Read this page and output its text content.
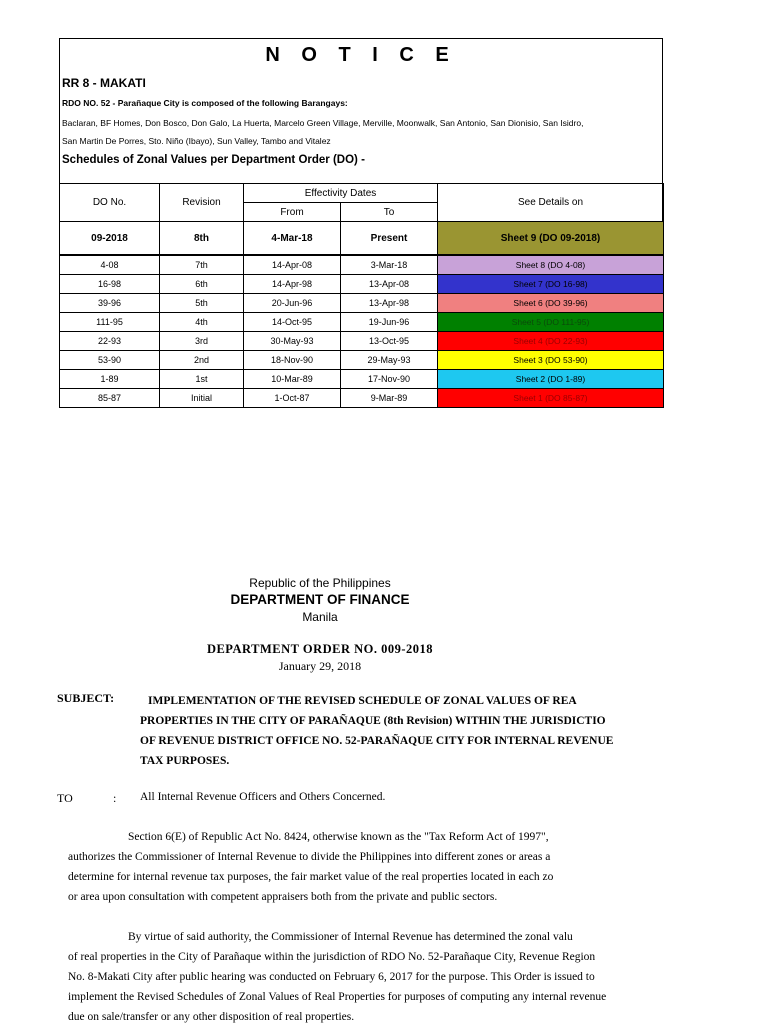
N O T I C E
RR 8 - MAKATI
RDO NO. 52 - Parañaque City is composed of the following Barangays:
Baclaran, BF Homes, Don Bosco, Don Galo, La Huerta, Marcelo Green Village, Merville, Moonwalk, San Antonio, San Dionisio, San Isidro,
San Martin De Porres, Sto. Niño (Ibayo), Sun Valley, Tambo and Vitalez
Schedules of Zonal Values per Department Order (DO) -
DO No.	Revision	Effectivity Dates		See Details on
		From	To	
09-2018	8th	4-Mar-18	Present	Sheet 9 (DO 09-2018)
4-08	7th	14-Apr-08	3-Mar-18	Sheet 8 (DO 4-08)
16-98	6th	14-Apr-98	13-Apr-08	Sheet 7 (DO 16-98)
39-96	5th	20-Jun-96	13-Apr-98	Sheet 6 (DO 39-96)
111-95	4th	14-Oct-95	19-Jun-96	Sheet 5 (DO 111-95)
22-93	3rd	30-May-93	13-Oct-95	Sheet 4 (DO 22-93)
53-90	2nd	18-Nov-90	29-May-93	Sheet 3 (DO 53-90)
1-89	1st	10-Mar-89	17-Nov-90	Sheet 2 (DO 1-89)
85-87	Initial	1-Oct-87	9-Mar-89	Sheet 1 (DO 85-87)
Republic of the Philippines
DEPARTMENT OF FINANCE
Manila
DEPARTMENT ORDER NO. 009-2018
January 29, 2018
SUBJECT:	IMPLEMENTATION OF THE REVISED SCHEDULE OF ZONAL VALUES OF REA
PROPERTIES IN THE CITY OF PARAÑAQUE (8th Revision) WITHIN THE JURISDICTIO
OF REVENUE DISTRICT OFFICE NO. 52-PARAÑAQUE CITY FOR INTERNAL REVENUE
TAX PURPOSES.
TO	: All Internal Revenue Officers and Others Concerned.
Section 6(E) of Republic Act No. 8424, otherwise known as the "Tax Reform Act of 1997",
authorizes the Commissioner of Internal Revenue to divide the Philippines into different zones or areas a
determine for internal revenue tax purposes, the fair market value of the real properties located in each zo
or area upon consultation with competent appraisers both from the private and public sectors.
By virtue of said authority, the Commissioner of Internal Revenue has determined the zonal valu
of real properties in the City of Parañaque within the jurisdiction of RDO No. 52-Parañaque City, Revenue Region
No. 8-Makati City after public hearing was conducted on February 6, 2017 for the purpose. This Order is issued to
implement the Revised Schedules of Zonal Values of Real Properties for purposes of computing any internal revenue
due on sale/transfer or any other disposition of real properties.
